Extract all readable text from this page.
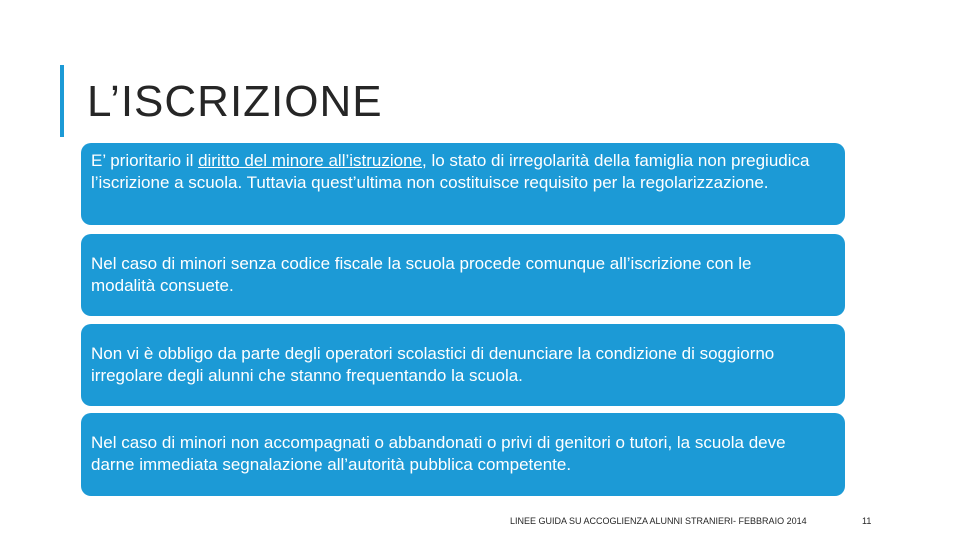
L’ISCRIZIONE
E’ prioritario il diritto del minore all’istruzione, lo stato di irregolarità della famiglia non pregiudica l’iscrizione a scuola. Tuttavia quest’ultima non costituisce requisito per la regolarizzazione.
Nel caso di minori senza codice fiscale la scuola procede comunque all’iscrizione con le modalità consuete.
Non vi è obbligo da parte degli operatori scolastici di denunciare la condizione di soggiorno irregolare degli alunni che stanno frequentando la scuola.
Nel caso di minori non accompagnati o abbandonati o privi di genitori o tutori, la scuola deve darne immediata segnalazione all’autorità pubblica competente.
LINEE GUIDA SU ACCOGLIENZA ALUNNI STRANIERI- FEBBRAIO 2014	11
